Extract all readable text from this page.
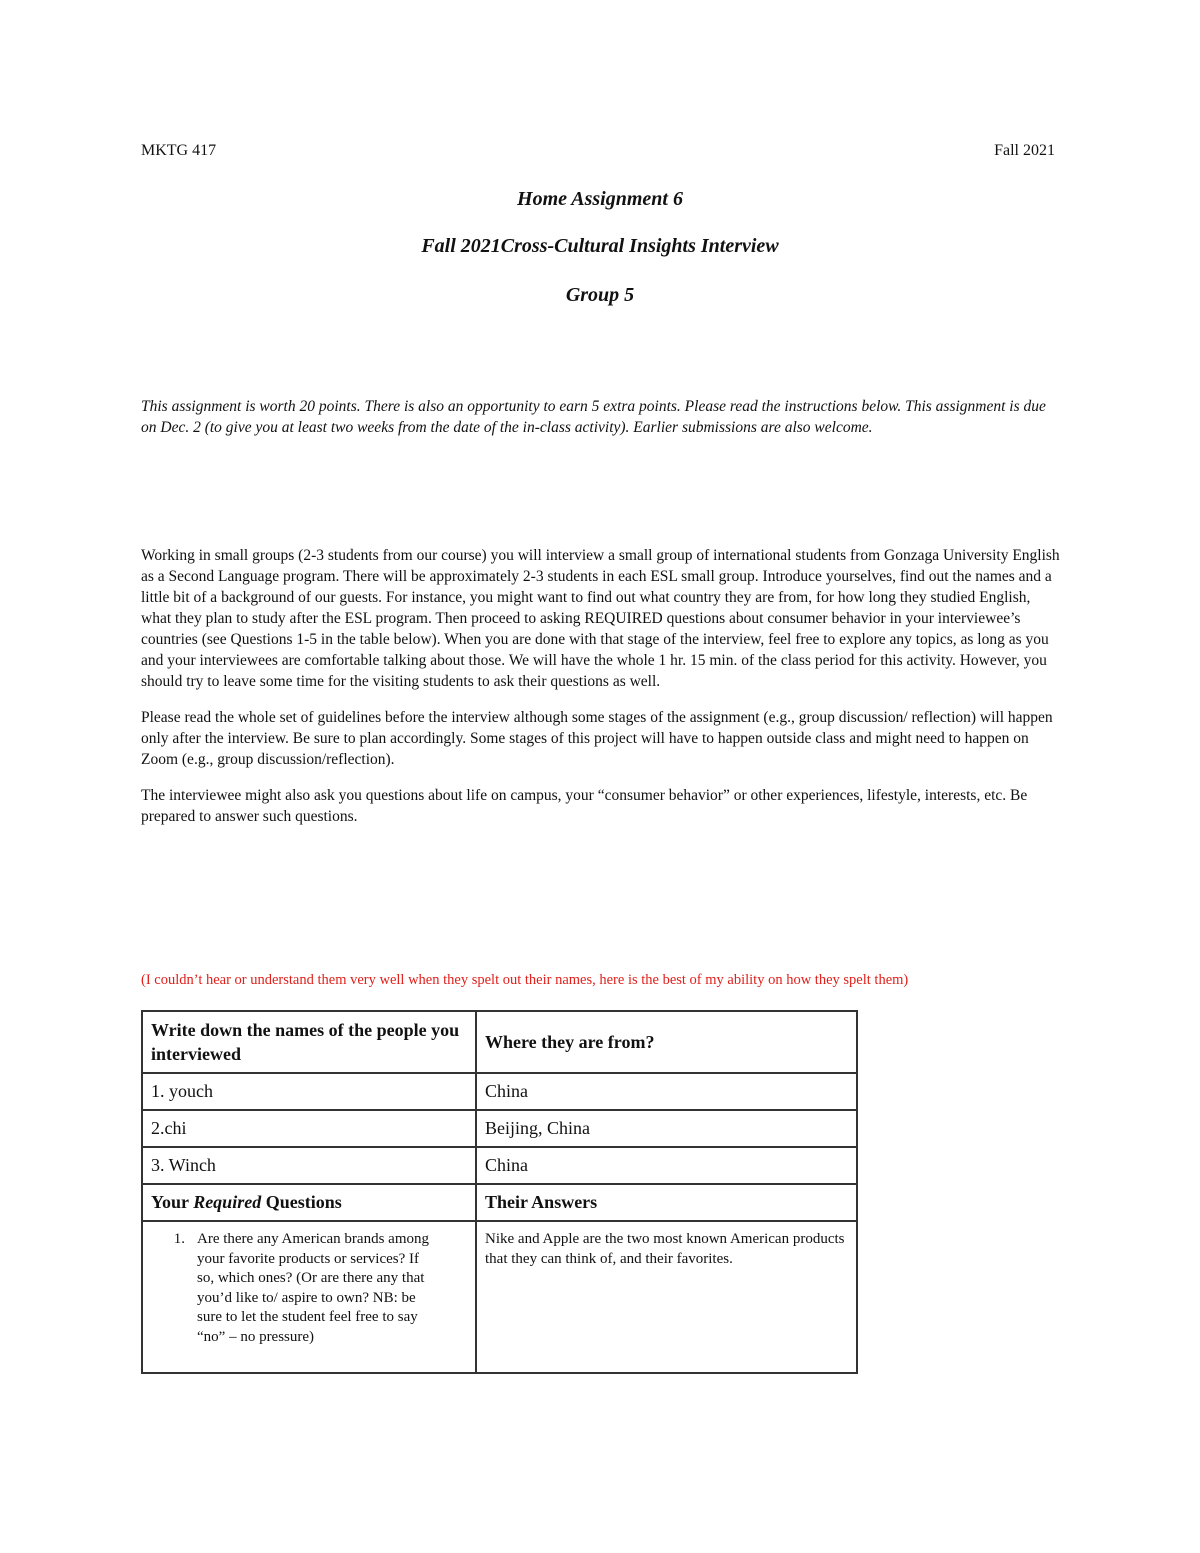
MKTG 417	Fall 2021
Home Assignment 6
Fall 2021Cross-Cultural Insights Interview
Group 5
This assignment is worth 20 points. There is also an opportunity to earn 5 extra points. Please read the instructions below. This assignment is due on Dec. 2 (to give you at least two weeks from the date of the in-class activity). Earlier submissions are also welcome.

Working in small groups (2-3 students from our course) you will interview a small group of international students from Gonzaga University English as a Second Language program. There will be approximately 2-3 students in each ESL small group. Introduce yourselves, find out the names and a little bit of a background of our guests. For instance, you might want to find out what country they are from, for how long they studied English, what they plan to study after the ESL program. Then proceed to asking REQUIRED questions about consumer behavior in your interviewee’s countries (see Questions 1-5 in the table below). When you are done with that stage of the interview, feel free to explore any topics, as long as you and your interviewees are comfortable talking about those. We will have the whole 1 hr. 15 min. of the class period for this activity. However, you should try to leave some time for the visiting students to ask their questions as well.

Please read the whole set of guidelines before the interview although some stages of the assignment (e.g., group discussion/ reflection) will happen only after the interview. Be sure to plan accordingly. Some stages of this project will have to happen outside class and might need to happen on Zoom (e.g., group discussion/reflection).

The interviewee might also ask you questions about life on campus, your “consumer behavior” or other experiences, lifestyle, interests, etc. Be prepared to answer such questions.

(I couldn’t hear or understand them very well when they spelt out their names, here is the best of my ability on how they spelt them)
Write down the names of the people you interviewed	Where they are from?
1. youch	China
2.chi	Beijing, China
3. Winch	China
Your Required Questions	Their Answers
1. Are there any American brands among your favorite products or services? If so, which ones? (Or are there any that you’d like to/ aspire to own? NB: be sure to let the student feel free to say “no” – no pressure)	Nike and Apple are the two most known American products that they can think of, and their favorites.
